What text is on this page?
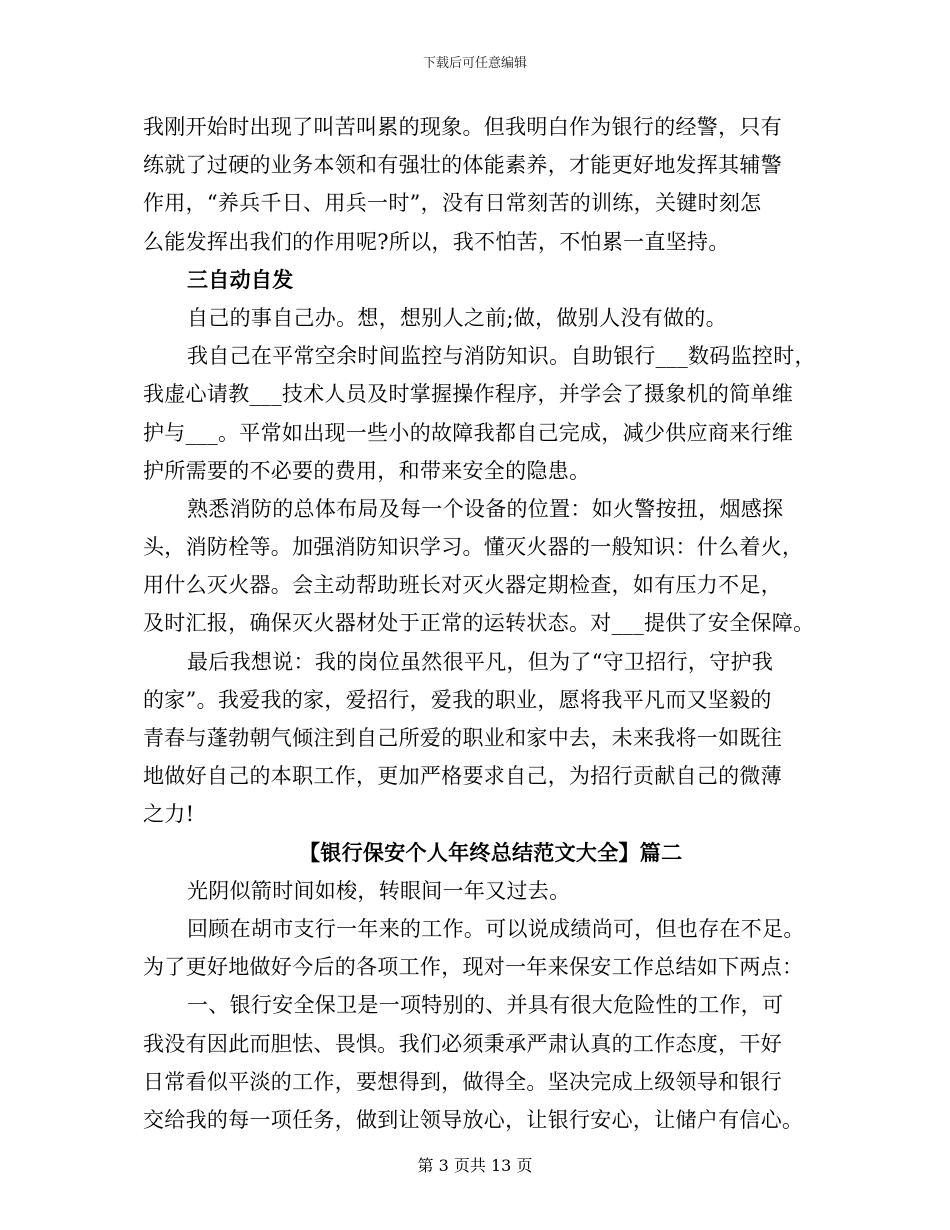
下载后可任意编辑
我刚开始时出现了叫苦叫累的现象。但我明白作为银行的经警，只有
练就了过硬的业务本领和有强壮的体能素养，才能更好地发挥其辅警
作用，“养兵千日、用兵一时”，没有日常刻苦的训练，关键时刻怎
么能发挥出我们的作用呢?所以，我不怕苦，不怕累一直坚持。
三自动自发
自己的事自己办。想，想别人之前;做，做别人没有做的。
我自己在平常空余时间监控与消防知识。自助银行___数码监控时，
我虚心请教___技术人员及时掌握操作程序，并学会了摄象机的简单维
护与___。平常如出现一些小的故障我都自己完成，减少供应商来行维
护所需要的不必要的费用，和带来安全的隐患。
熟悉消防的总体布局及每一个设备的位置：如火警按扭，烟感探
头，消防栓等。加强消防知识学习。懂灭火器的一般知识：什么着火，
用什么灭火器。会主动帮助班长对灭火器定期检查，如有压力不足，
及时汇报，确保灭火器材处于正常的运转状态。对___提供了安全保障。
最后我想说：我的岗位虽然很平凡，但为了“守卫招行，守护我
的家”。我爱我的家，爱招行，爱我的职业，愿将我平凡而又坚毅的
青春与蓬勃朝气倾注到自己所爱的职业和家中去，未来我将一如既往
地做好自己的本职工作，更加严格要求自己，为招行贡献自己的微薄
之力!
【银行保安个人年终总结范文大全】篇二
光阴似箭时间如梭，转眼间一年又过去。
回顾在胡市支行一年来的工作。可以说成绩尚可，但也存在不足。
为了更好地做好今后的各项工作，现对一年来保安工作总结如下两点：
一、银行安全保卫是一项特别的、并具有很大危险性的工作，可
我没有因此而胆怯、畏惧。我们必须秉承严肃认真的工作态度，干好
日常看似平淡的工作，要想得到，做得全。坚决完成上级领导和银行
交给我的每一项任务，做到让领导放心，让银行安心，让储户有信心。
第 3 页共 13 页
